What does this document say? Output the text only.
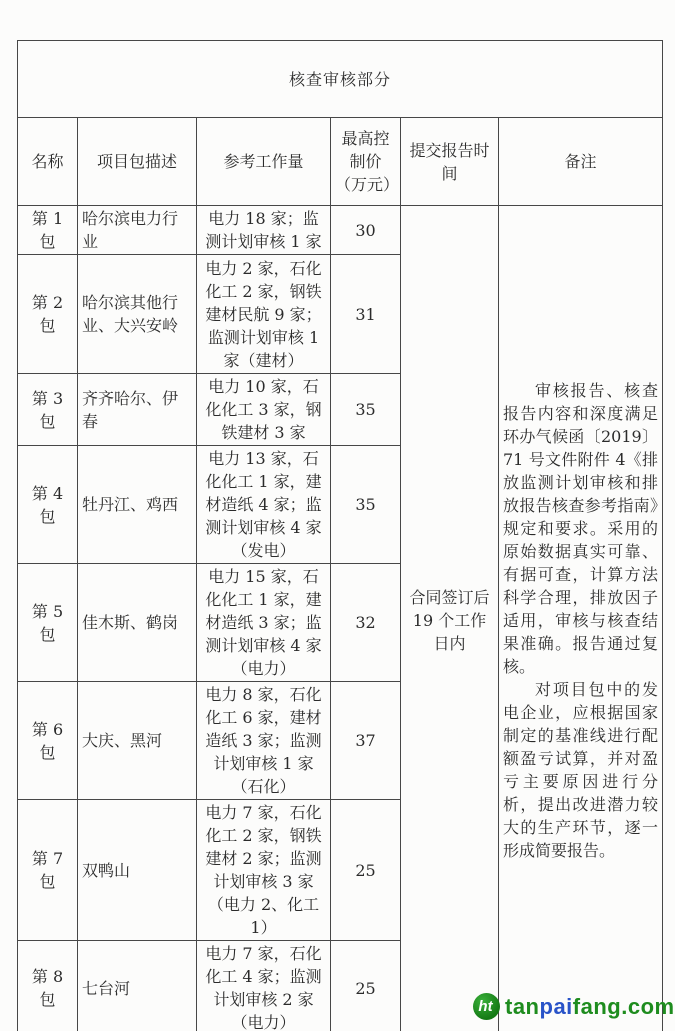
核查审核部分					
名称	项目包描述	参考工作量	最高控制价（万元）	提交报告时间	备注
第 1 包	哈尔滨电力行业	电力 18 家；监测计划审核 1 家	30	合同签订后 19 个工作日内	审核报告、核查报告内容和深度满足环办气候函〔2019〕71 号文件附件 4《排放监测计划审核和排放报告核查参考指南》规定和要求。采用的原始数据真实可靠、有据可查，计算方法科学合理，排放因子适用，审核与核查结果准确。报告通过复核。

对项目包中的发电企业，应根据国家制定的基准线进行配额盈亏试算，并对盈亏主要原因进行分析，提出改进潜力较大的生产环节，逐一形成简要报告。

第 2 包	哈尔滨其他行业、大兴安岭	电力 2 家，石化化工 2 家，钢铁建材民航 9 家；监测计划审核 1 家（建材）	31		
第 3 包	齐齐哈尔、伊春	电力 10 家，石化化工 3 家，钢铁建材 3 家	35		
第 4 包	牡丹江、鸡西	电力 13 家，石化化工 1 家，建材造纸 4 家；监测计划审核 4 家（发电）	35		
第 5 包	佳木斯、鹤岗	电力 15 家，石化化工 1 家，建材造纸 3 家；监测计划审核 4 家（电力）	32		
第 6 包	大庆、黑河	电力 8 家，石化化工 6 家，建材造纸 3 家；监测计划审核 1 家（石化）	37		
第 7 包	双鸭山	电力 7 家，石化化工 2 家，钢铁建材 2 家；监测计划审核 3 家（电力 2、化工 1）	25		
第 8 包	七台河	电力 7 家，石化化工 4 家；监测计划审核 2 家（电力）	25		
ht tanpaifang.com
